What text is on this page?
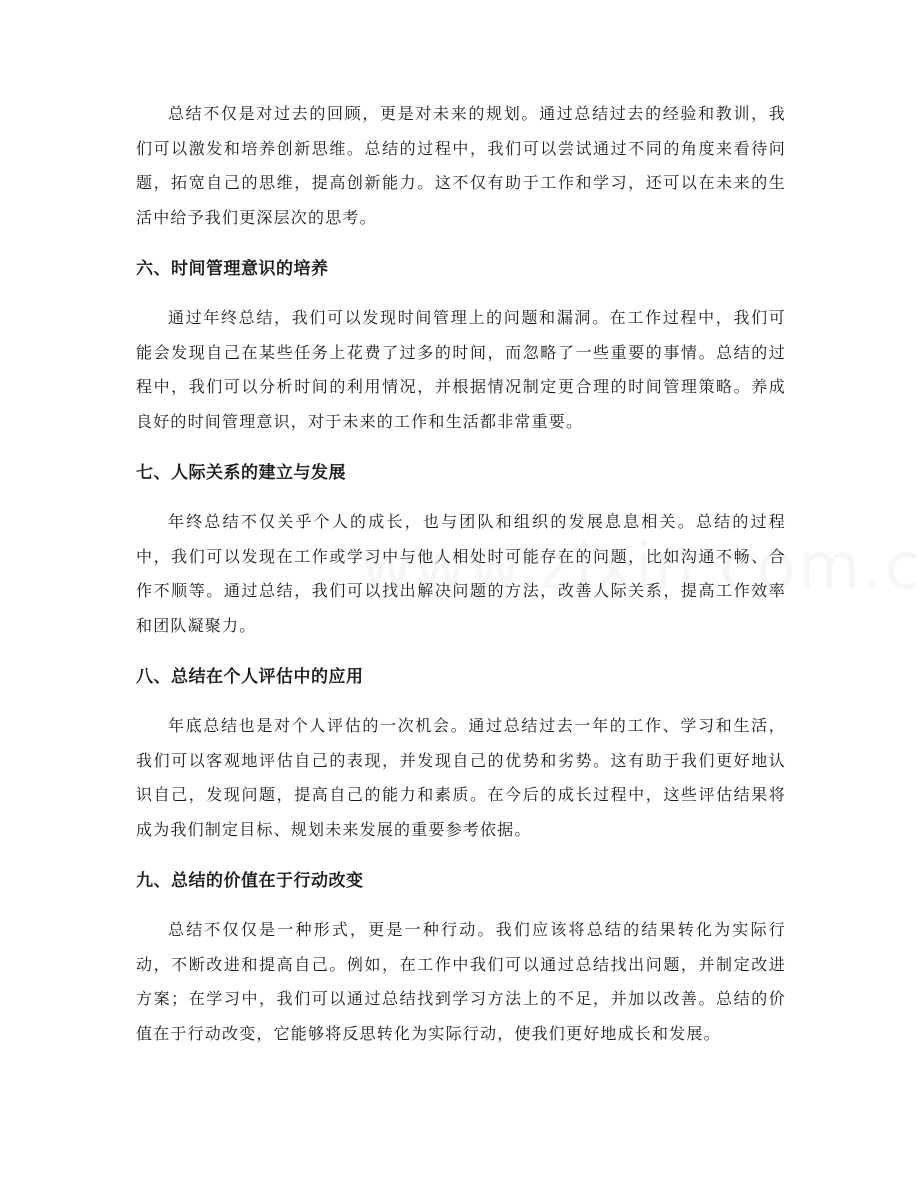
总结不仅是对过去的回顾，更是对未来的规划。通过总结过去的经验和教训，我们可以激发和培养创新思维。总结的过程中，我们可以尝试通过不同的角度来看待问题，拓宽自己的思维，提高创新能力。这不仅有助于工作和学习，还可以在未来的生活中给予我们更深层次的思考。

六、时间管理意识的培养

通过年终总结，我们可以发现时间管理上的问题和漏洞。在工作过程中，我们可能会发现自己在某些任务上花费了过多的时间，而忽略了一些重要的事情。总结的过程中，我们可以分析时间的利用情况，并根据情况制定更合理的时间管理策略。养成良好的时间管理意识，对于未来的工作和生活都非常重要。

七、人际关系的建立与发展

年终总结不仅关乎个人的成长，也与团队和组织的发展息息相关。总结的过程中，我们可以发现在工作或学习中与他人相处时可能存在的问题，比如沟通不畅、合作不顺等。通过总结，我们可以找出解决问题的方法，改善人际关系，提高工作效率和团队凝聚力。

八、总结在个人评估中的应用

年底总结也是对个人评估的一次机会。通过总结过去一年的工作、学习和生活，我们可以客观地评估自己的表现，并发现自己的优势和劣势。这有助于我们更好地认识自己，发现问题，提高自己的能力和素质。在今后的成长过程中，这些评估结果将成为我们制定目标、规划未来发展的重要参考依据。

九、总结的价值在于行动改变

总结不仅仅是一种形式，更是一种行动。我们应该将总结的结果转化为实际行动，不断改进和提高自己。例如，在工作中我们可以通过总结找出问题，并制定改进方案；在学习中，我们可以通过总结找到学习方法上的不足，并加以改善。总结的价值在于行动改变，它能够将反思转化为实际行动，使我们更好地成长和发展。
